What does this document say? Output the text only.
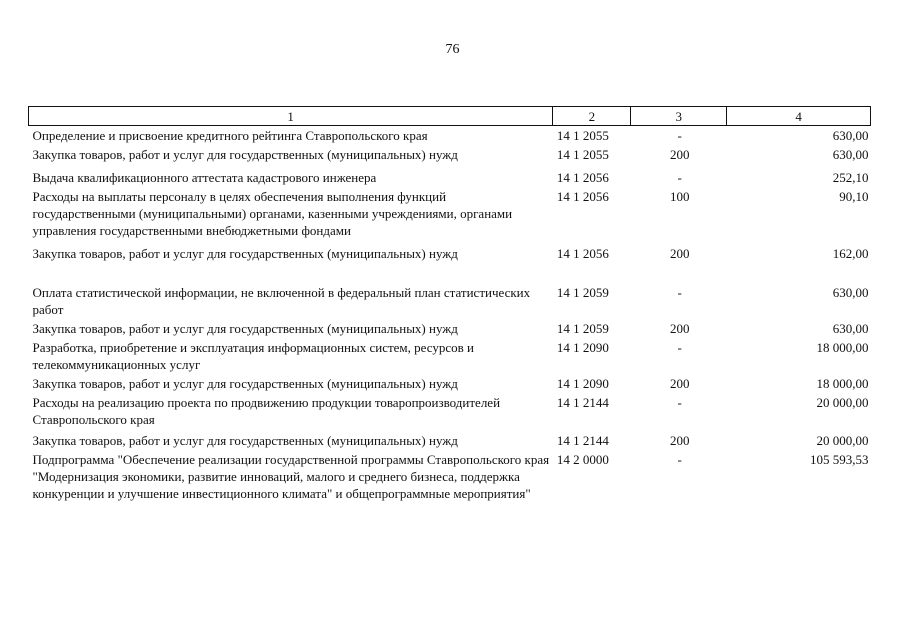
76
1	2	3	4
Определение и присвоение кредитного рейтинга Ставропольского края	14 1 2055	-	630,00
Закупка товаров, работ и услуг для государственных (муниципальных) нужд	14 1 2055	200	630,00
Выдача квалификационного аттестата кадастрового инженера	14 1 2056	-	252,10
Расходы на выплаты персоналу в целях обеспечения выполнения функций государственными (муниципальными) органами, казенными учреждениями, органами управления государственными внебюджетными фондами	14 1 2056	100	90,10
Закупка товаров, работ и услуг для государственных (муниципальных) нужд	14 1 2056	200	162,00
Оплата статистической информации, не включенной в федеральный план статистических работ	14 1 2059	-	630,00
Закупка товаров, работ и услуг для государственных (муниципальных) нужд	14 1 2059	200	630,00
Разработка, приобретение и эксплуатация информационных систем, ресурсов и телекоммуникационных услуг	14 1 2090	-	18 000,00
Закупка товаров, работ и услуг для государственных (муниципальных) нужд	14 1 2090	200	18 000,00
Расходы на реализацию проекта по продвижению продукции товаропроизводителей Ставропольского края	14 1 2144	-	20 000,00
Закупка товаров, работ и услуг для государственных (муниципальных) нужд	14 1 2144	200	20 000,00
Подпрограмма "Обеспечение реализации государственной программы Ставропольского края "Модернизация экономики, развитие инноваций, малого и среднего бизнеса, поддержка конкуренции и улучшение инвестиционного климата" и общепрограммные мероприятия"	14 2 0000	-	105 593,53
